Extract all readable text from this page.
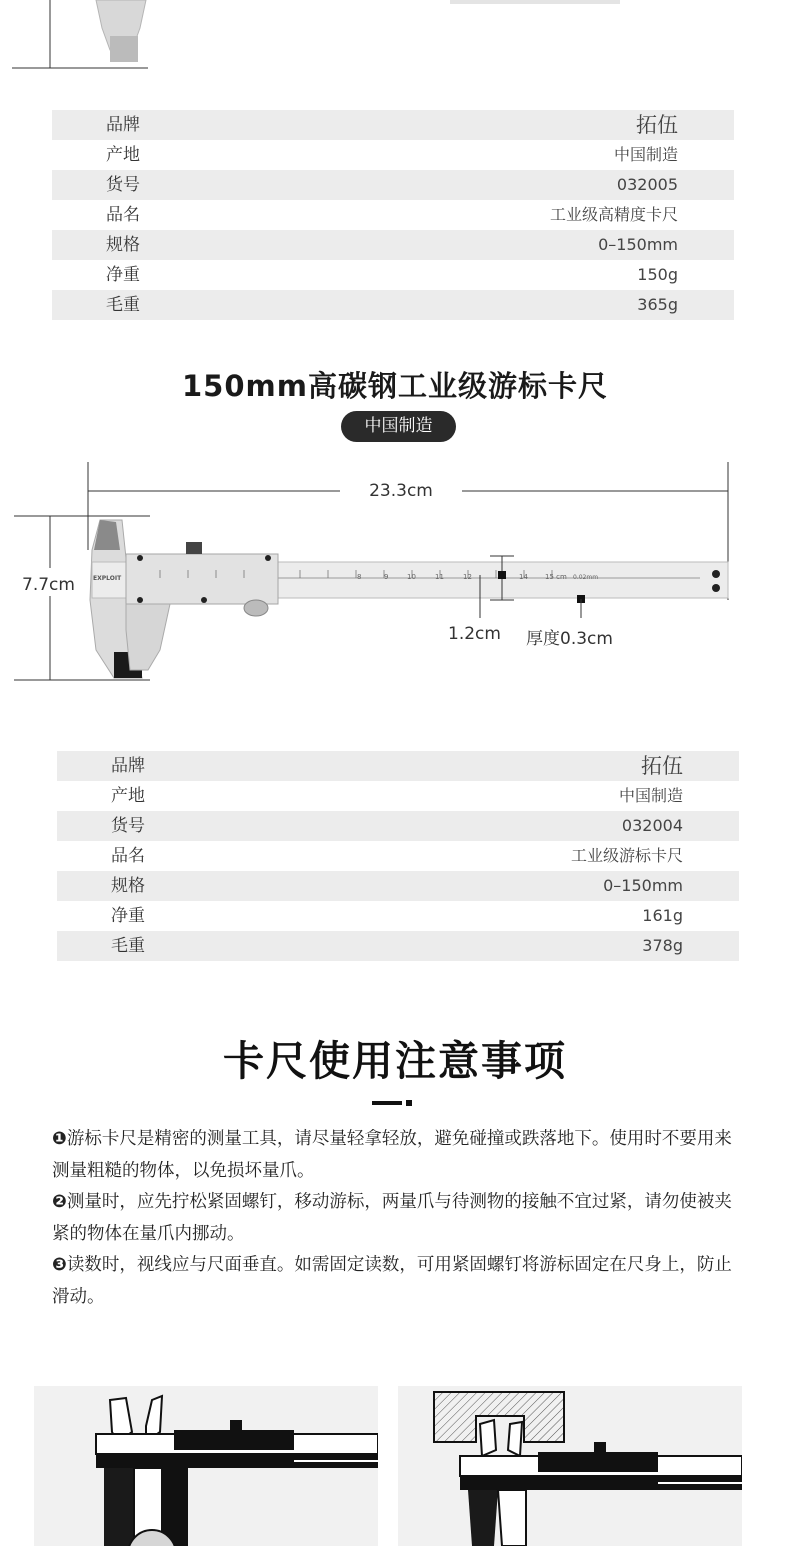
品牌	拓伍
产地	中国制造
货号	032005
品名	工业级高精度卡尺
规格	0–150mm
净重	150g
毛重	365g
150mm高碳钢工业级游标卡尺
中国制造
8	9	10	11	12	14 15 cm
EXPLOIT	0.02mm
23.3cm
7.7cm
1.2cm 厚度0.3cm
品牌	拓伍
产地	中国制造
货号	032004
品名	工业级游标卡尺
规格	0–150mm
净重	161g
毛重	378g
卡尺使用注意事项

❶游标卡尺是精密的测量工具，请尽量轻拿轻放，避免碰撞或跌落地下。使用时不要用来测量粗糙的物体，以免损坏量爪。

❷测量时，应先拧松紧固螺钉，移动游标，两量爪与待测物的接触不宜过紧，请勿使被夹紧的物体在量爪内挪动。

❸读数时，视线应与尺面垂直。如需固定读数，可用紧固螺钉将游标固定在尺身上，防止滑动。
